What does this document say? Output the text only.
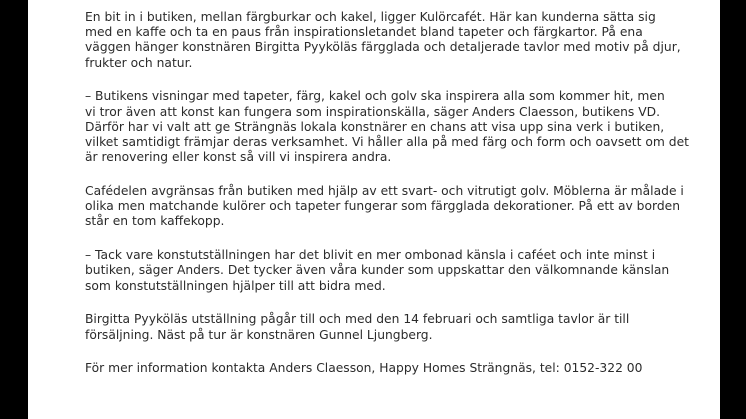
En bit in i butiken, mellan färgburkar och kakel, ligger Kulörcafét. Här kan kunderna sätta sig
med en kaffe och ta en paus från inspirationsletandet bland tapeter och färgkartor. På ena
väggen hänger konstnären Birgitta Pyyköläs färgglada och detaljerade tavlor med motiv på djur,
frukter och natur.

– Butikens visningar med tapeter, färg, kakel och golv ska inspirera alla som kommer hit, men
vi tror även att konst kan fungera som inspirationskälla, säger Anders Claesson, butikens VD.
Därför har vi valt att ge Strängnäs lokala konstnärer en chans att visa upp sina verk i butiken,
vilket samtidigt främjar deras verksamhet. Vi håller alla på med färg och form och oavsett om det
är renovering eller konst så vill vi inspirera andra.

Cafédelen avgränsas från butiken med hjälp av ett svart- och vitrutigt golv. Möblerna är målade i
olika men matchande kulörer och tapeter fungerar som färgglada dekorationer. På ett av borden
står en tom kaffekopp.

– Tack vare konstutställningen har det blivit en mer ombonad känsla i caféet och inte minst i
butiken, säger Anders. Det tycker även våra kunder som uppskattar den välkomnande känslan
som konstutställningen hjälper till att bidra med.

Birgitta Pyyköläs utställning pågår till och med den 14 februari och samtliga tavlor är till
försäljning. Näst på tur är konstnären Gunnel Ljungberg.

För mer information kontakta Anders Claesson, Happy Homes Strängnäs, tel: 0152-322 00
